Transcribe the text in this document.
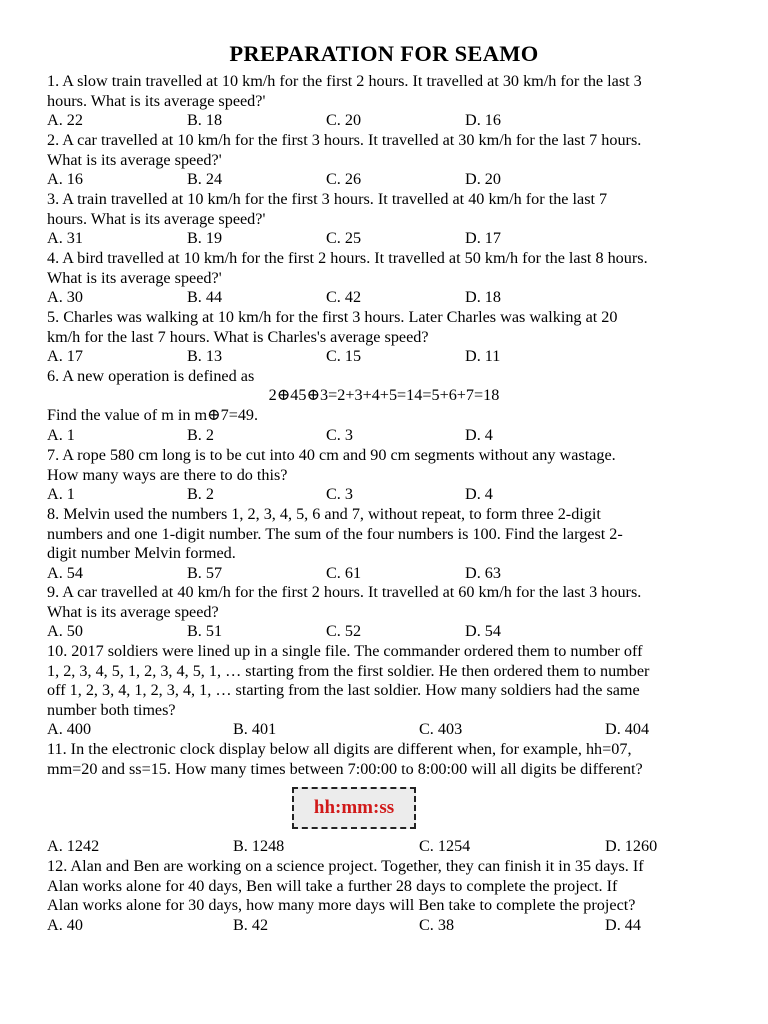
PREPARATION FOR SEAMO
1. A slow train travelled at 10 km/h for the first 2 hours. It travelled at 30 km/h for the last 3
hours. What is its average speed?'
A. 22	B. 18	C. 20	D. 16
2. A car travelled at 10 km/h for the first 3 hours. It travelled at 30 km/h for the last 7 hours.
What is its average speed?'
A. 16	B. 24	C. 26	D. 20
3. A train travelled at 10 km/h for the first 3 hours. It travelled at 40 km/h for the last 7
hours. What is its average speed?'
A. 31	B. 19	C. 25	D. 17
4. A bird travelled at 10 km/h for the first 2 hours. It travelled at 50 km/h for the last 8 hours.
What is its average speed?'
A. 30	B. 44	C. 42	D. 18
5. Charles was walking at 10 km/h for the first 3 hours. Later Charles was walking at 20
km/h for the last 7 hours. What is Charles's average speed?
A. 17	B. 13	C. 15	D. 11
6. A new operation is defined as
2⊕45⊕3=2+3+4+5=14=5+6+7=18
Find the value of m in m⊕7=49.
A. 1	B. 2	C. 3	D. 4
7. A rope 580 cm long is to be cut into 40 cm and 90 cm segments without any wastage.
How many ways are there to do this?
A. 1	B. 2	C. 3	D. 4
8. Melvin used the numbers 1, 2, 3, 4, 5, 6 and 7, without repeat, to form three 2-digit
numbers and one 1-digit number. The sum of the four numbers is 100. Find the largest 2-
digit number Melvin formed.
A. 54	B. 57	C. 61	D. 63
9. A car travelled at 40 km/h for the first 2 hours. It travelled at 60 km/h for the last 3 hours.
What is its average speed?
A. 50	B. 51	C. 52	D. 54
10. 2017 soldiers were lined up in a single file. The commander ordered them to number off
1, 2, 3, 4, 5, 1, 2, 3, 4, 5, 1, … starting from the first soldier. He then ordered them to number
off 1, 2, 3, 4, 1, 2, 3, 4, 1, … starting from the last soldier. How many soldiers had the same
number both times?
A. 400	B. 401	C. 403	D. 404
11. In the electronic clock display below all digits are different when, for example, hh=07,
mm=20 and ss=15. How many times between 7:00:00 to 8:00:00 will all digits be different?
hh:mm:ss
A. 1242	B. 1248	C. 1254	D. 1260
12. Alan and Ben are working on a science project. Together, they can finish it in 35 days. If
Alan works alone for 40 days, Ben will take a further 28 days to complete the project. If
Alan works alone for 30 days, how many more days will Ben take to complete the project?
A. 40	B. 42	C. 38	D. 44
